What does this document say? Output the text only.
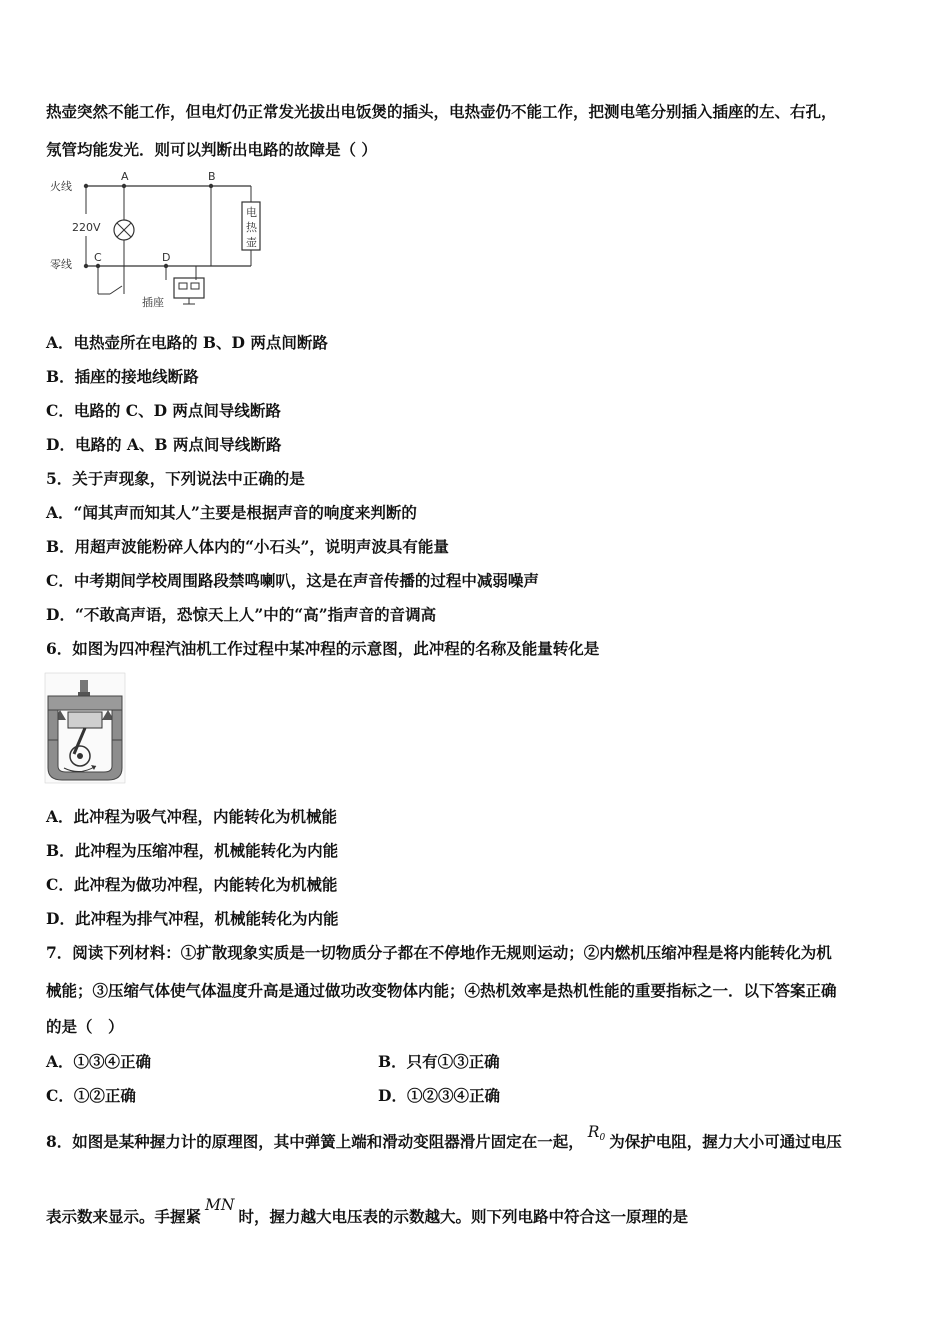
热壶突然不能工作，但电灯仍正常发光拔出电饭煲的插头，电热壶仍不能工作，把测电笔分别插入插座的左、右孔，
氖管均能发光．则可以判断出电路的故障是（ ）
火线
零线
220V
A
C
B
电
热
壶
D
插座
A．电热壶所在电路的 B、D 两点间断路
B．插座的接地线断路
C．电路的 C、D 两点间导线断路
D．电路的 A、B 两点间导线断路
5．关于声现象，下列说法中正确的是
A．“闻其声而知其人”主要是根据声音的响度来判断的
B．用超声波能粉碎人体内的“小石头”，说明声波具有能量
C．中考期间学校周围路段禁鸣喇叭，这是在声音传播的过程中减弱噪声
D．“不敢高声语，恐惊天上人”中的“高”指声音的音调高
6．如图为四冲程汽油机工作过程中某冲程的示意图，此冲程的名称及能量转化是
A．此冲程为吸气冲程，内能转化为机械能
B．此冲程为压缩冲程，机械能转化为内能
C．此冲程为做功冲程，内能转化为机械能
D．此冲程为排气冲程，机械能转化为内能
7．阅读下列材料：①扩散现象实质是一切物质分子都在不停地作无规则运动；②内燃机压缩冲程是将内能转化为机
械能；③压缩气体使气体温度升高是通过做功改变物体内能；④热机效率是热机性能的重要指标之一．以下答案正确
的是（　）
A．①③④正确	B．只有①③正确
C．①②正确	D．①②③④正确
8．如图是某种握力计的原理图，其中弹簧上端和滑动变阻器滑片固定在一起， $R_0$ 为保护电阻，握力大小可通过电压
表示数来显示。手握紧MN时，握力越大电压表的示数越大。则下列电路中符合这一原理的是
